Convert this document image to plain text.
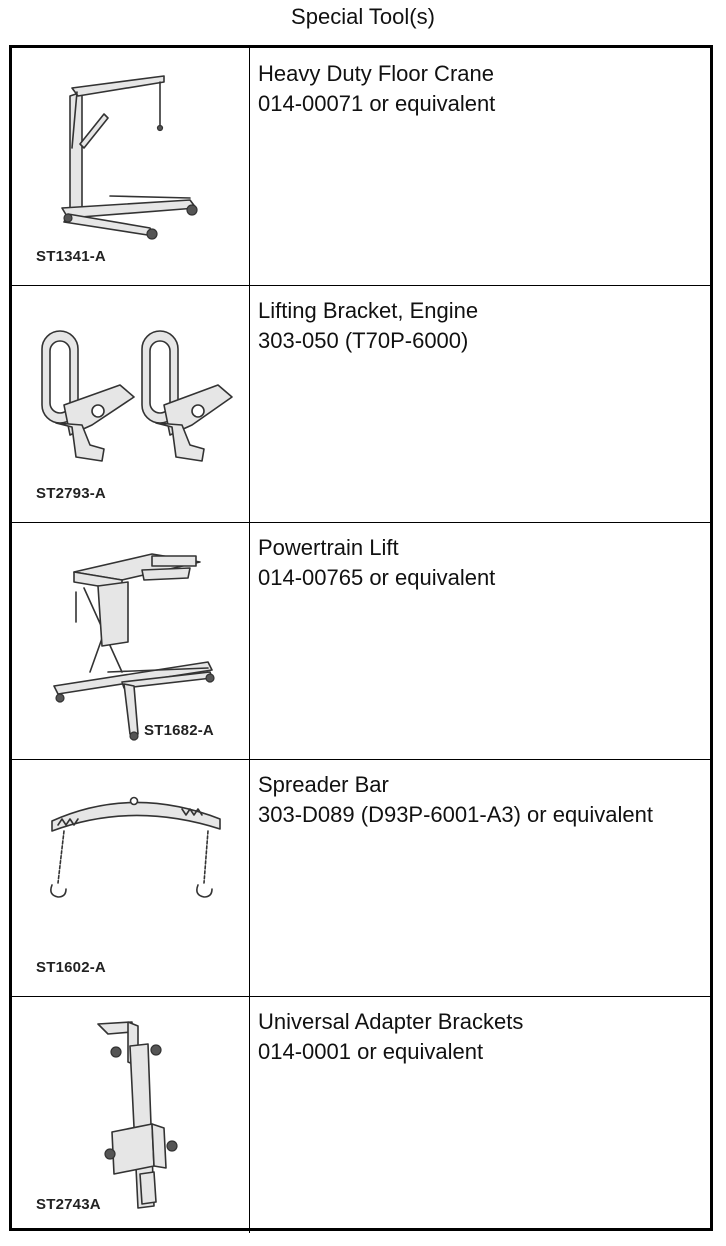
Special Tool(s)
ST1341-A
Heavy Duty Floor Crane
014-00071 or equivalent
ST2793-A
Lifting Bracket, Engine
303-050 (T70P-6000)
ST1682-A
Powertrain Lift
014-00765 or equivalent
ST1602-A
Spreader Bar
303-D089 (D93P-6001-A3) or equivalent
ST2743A
Universal Adapter Brackets
014-0001 or equivalent
